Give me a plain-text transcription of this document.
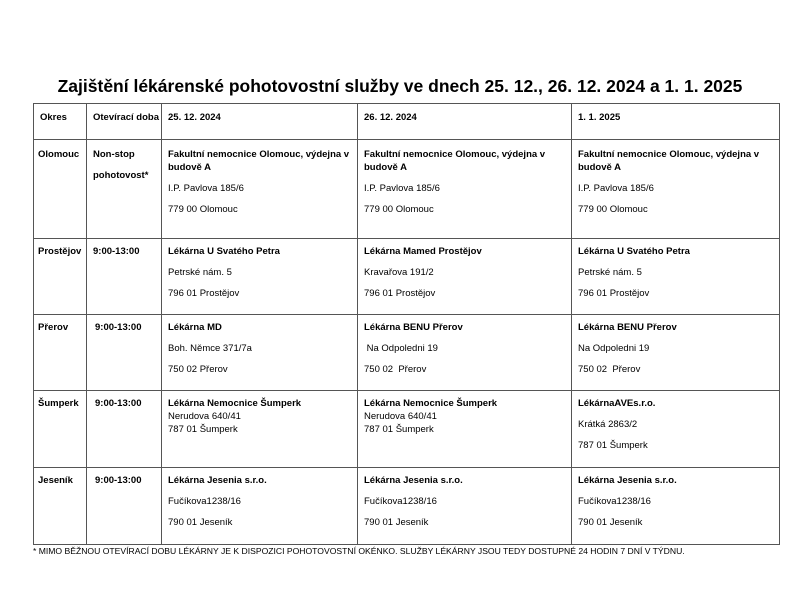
Zajištění lékárenské pohotovostní služby ve dnech 25. 12., 26. 12. 2024 a 1. 1. 2025
Okres	Otevírací doba	25. 12. 2024	26. 12. 2024	1. 1. 2025

Olomouc	Non-stop
pohotovost*	Fakultní nemocnice Olomouc, výdejna v budově A
I.P. Pavlova 185/6
779 00 Olomouc	Fakultní nemocnice Olomouc, výdejna v budově A
I.P. Pavlova 185/6
779 00 Olomouc	Fakultní nemocnice Olomouc, výdejna v budově A
I.P. Pavlova 185/6
779 00 Olomouc

Prostějov	9:00-13:00	Lékárna U Svatého Petra
Petrské nám. 5
796 01 Prostějov	Lékárna Mamed Prostějov
Kravařova 191/2
796 01 Prostějov	Lékárna U Svatého Petra
Petrské nám. 5
796 01 Prostějov

Přerov	9:00-13:00	Lékárna MD
Boh. Němce 371/7a
750 02 Přerov	Lékárna BENU Přerov
Na Odpoledni 19
750 02  Přerov	Lékárna BENU Přerov
Na Odpoledni 19
750 02  Přerov

Šumperk	9:00-13:00	Lékárna Nemocnice Šumperk
Nerudova 640/41
787 01 Šumperk	Lékárna Nemocnice Šumperk
Nerudova 640/41
787 01 Šumperk	LékárnaAVEs.r.o.
Krátká 2863/2
787 01 Šumperk

Jeseník	9:00-13:00	Lékárna Jesenia s.r.o.
Fučíkova1238/16
790 01 Jeseník	Lékárna Jesenia s.r.o.
Fučíkova1238/16
790 01 Jeseník	Lékárna Jesenia s.r.o.
Fučíkova1238/16
790 01 Jeseník
* MIMO BĚŽNOU OTEVÍRACÍ DOBU LÉKÁRNY JE K DISPOZICI POHOTOVOSTNÍ OKÉNKO. SLUŽBY LÉKÁRNY JSOU TEDY DOSTUPNÉ 24 HODIN 7 DNÍ V TÝDNU.
